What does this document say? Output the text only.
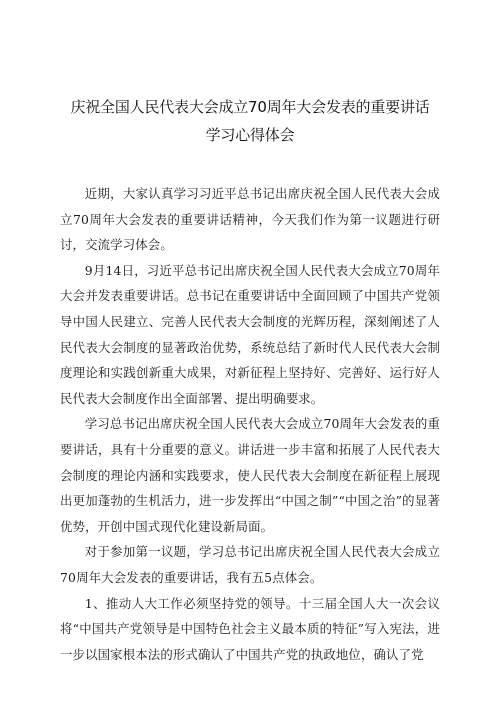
庆祝全国人民代表大会成立70周年大会发表的重要讲话
学习心得体会

近期，大家认真学习习近平总书记出席庆祝全国人民代表大会成立70周年大会发表的重要讲话精神，今天我们作为第一议题进行研讨，交流学习体会。

9月14日，习近平总书记出席庆祝全国人民代表大会成立70周年大会并发表重要讲话。总书记在重要讲话中全面回顾了中国共产党领导中国人民建立、完善人民代表大会制度的光辉历程，深刻阐述了人民代表大会制度的显著政治优势，系统总结了新时代人民代表大会制度理论和实践创新重大成果，对新征程上坚持好、完善好、运行好人民代表大会制度作出全面部署、提出明确要求。

学习总书记出席庆祝全国人民代表大会成立70周年大会发表的重要讲话，具有十分重要的意义。讲话进一步丰富和拓展了人民代表大会制度的理论内涵和实践要求，使人民代表大会制度在新征程上展现出更加蓬勃的生机活力，进一步发挥出“中国之制”“中国之治”的显著优势，开创中国式现代化建设新局面。

对于参加第一议题，学习总书记出席庆祝全国人民代表大会成立70周年大会发表的重要讲话，我有五5点体会。

1、推动人大工作必须坚持党的领导。十三届全国人大一次会议将“中国共产党领导是中国特色社会主义最本质的特征”写入宪法，进一步以国家根本法的形式确认了中国共产党的执政地位，确认了党
